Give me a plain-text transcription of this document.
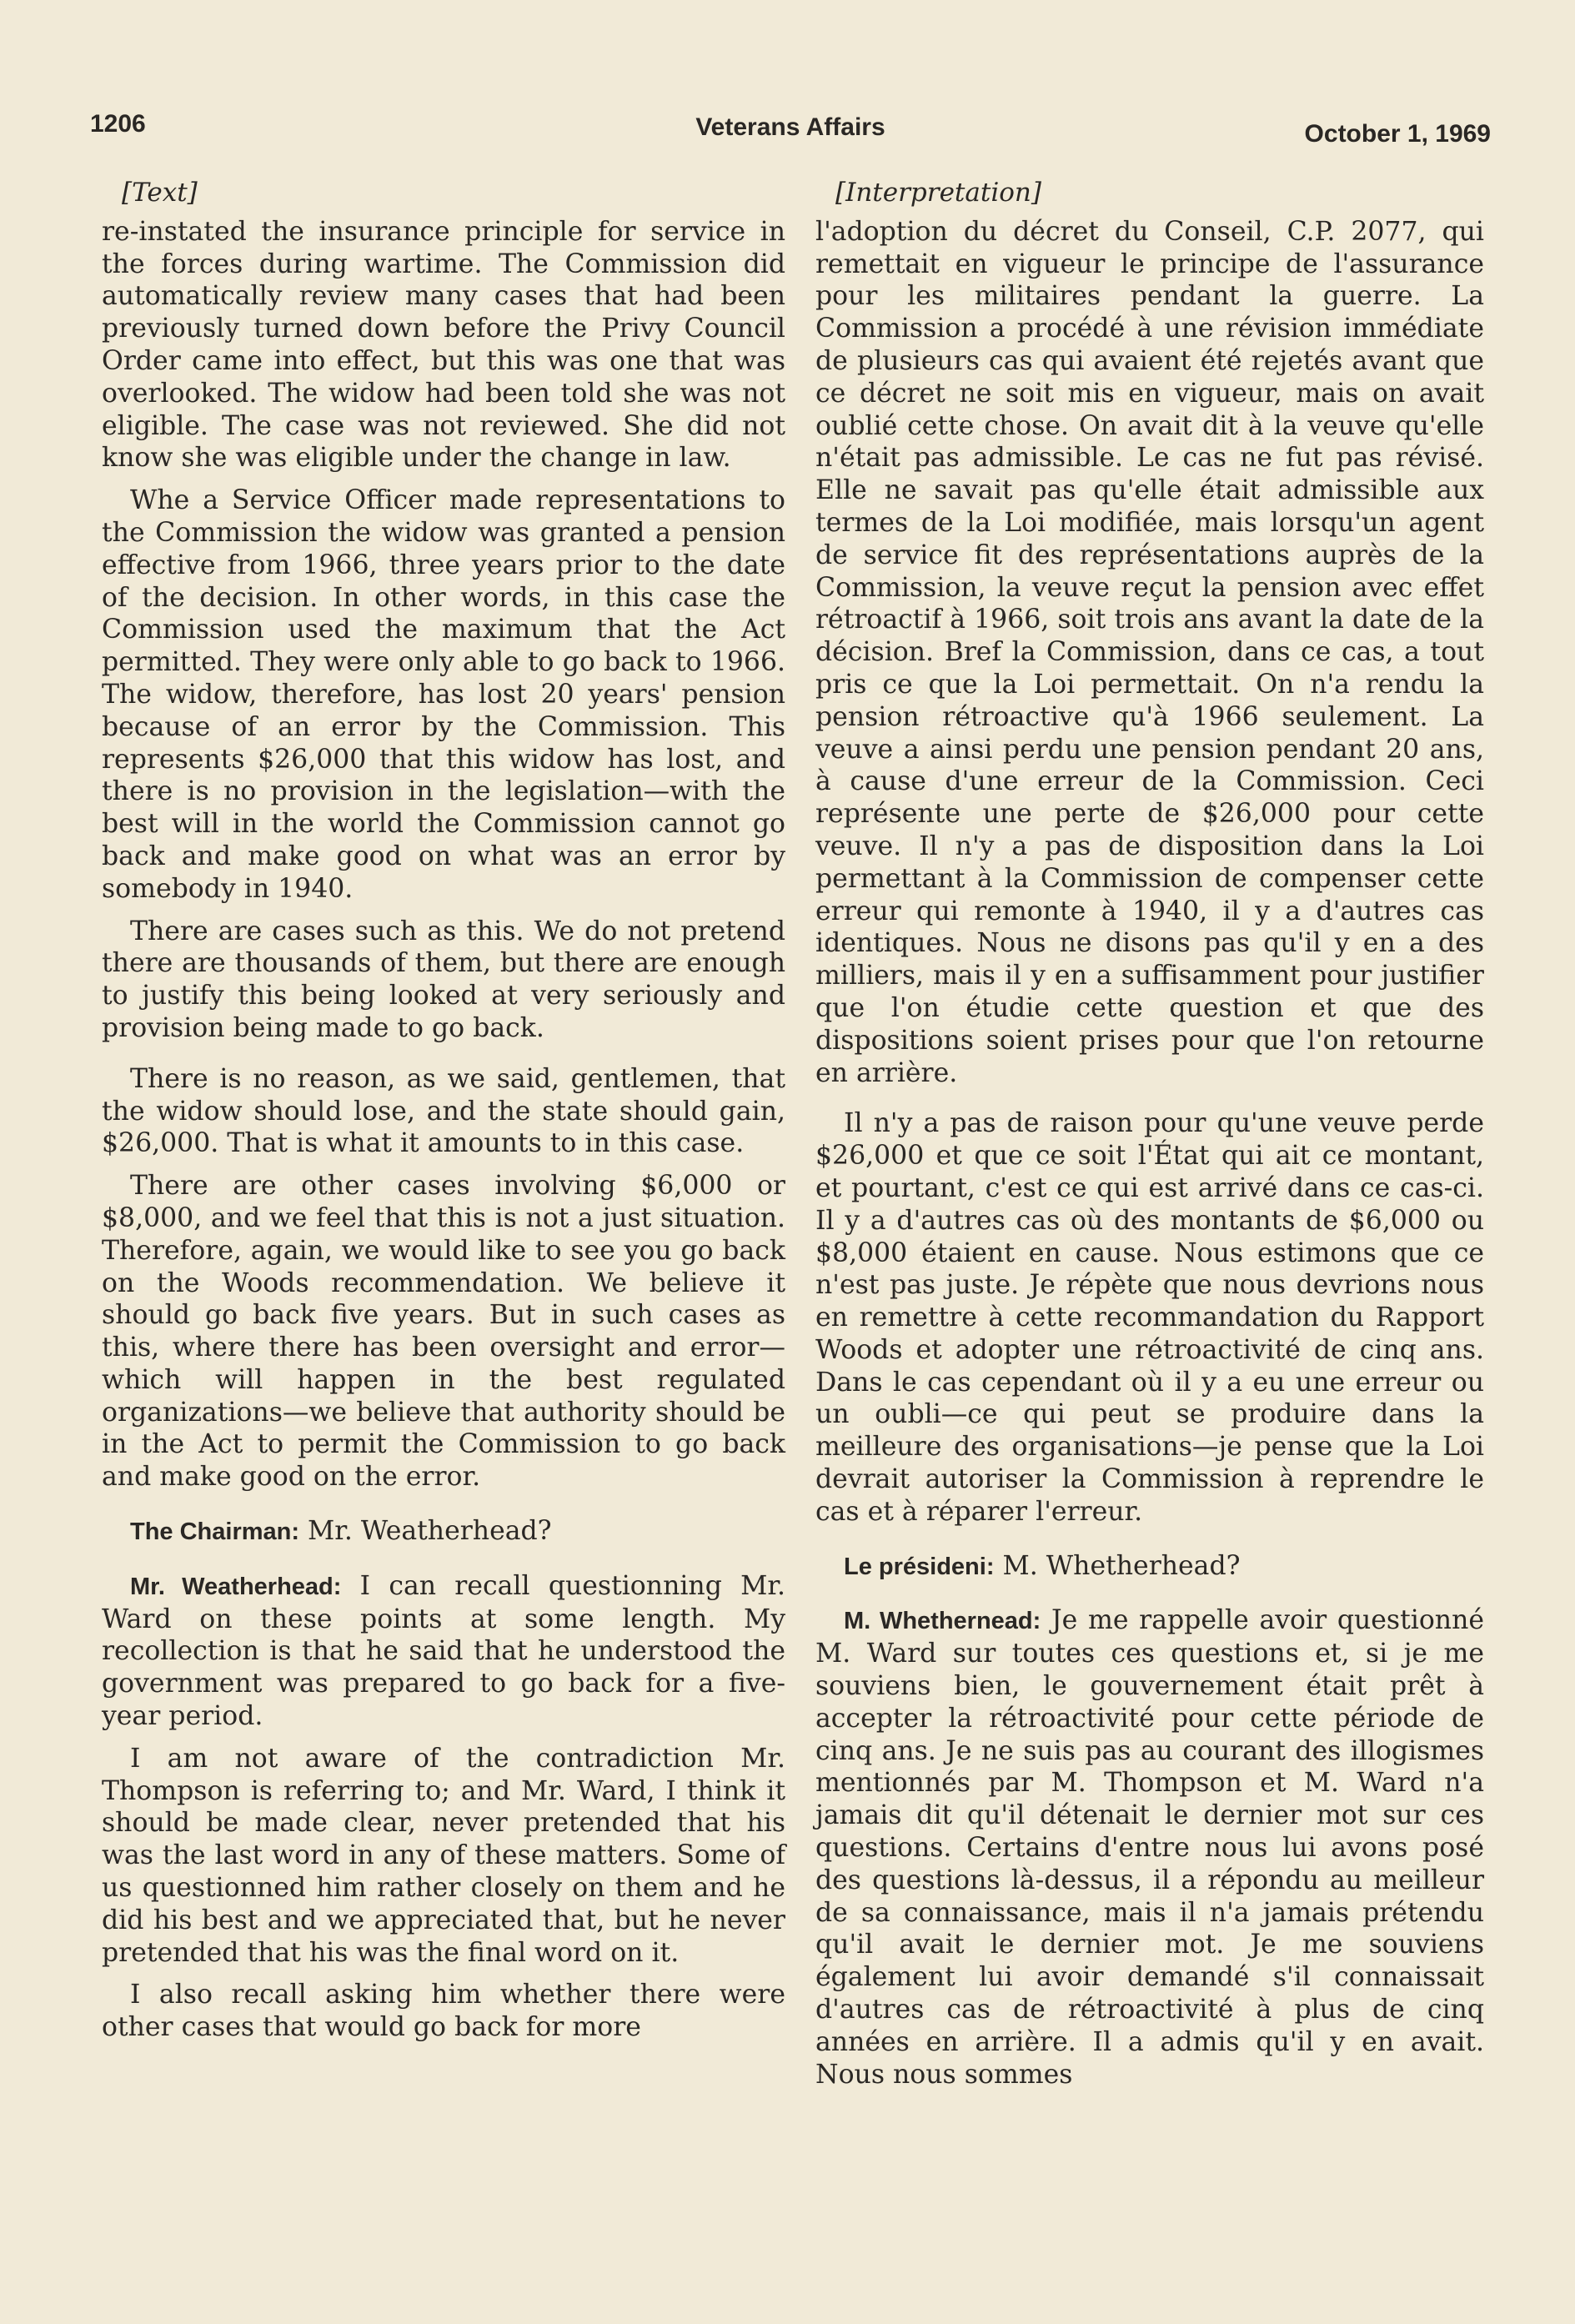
1206	Veterans Affairs	October 1, 1969
[Text]

re-instated the insurance principle for service in the forces during wartime. The Commission did automatically review many cases that had been previously turned down before the Privy Council Order came into effect, but this was one that was overlooked. The widow had been told she was not eligible. The case was not reviewed. She did not know she was eligible under the change in law.

Whe a Service Officer made representations to the Commission the widow was granted a pension effective from 1966, three years prior to the date of the decision. In other words, in this case the Commission used the maximum that the Act permitted. They were only able to go back to 1966. The widow, therefore, has lost 20 years' pension because of an error by the Commission. This represents $26,000 that this widow has lost, and there is no provision in the legislation—with the best will in the world the Commission cannot go back and make good on what was an error by somebody in 1940.

There are cases such as this. We do not pretend there are thousands of them, but there are enough to justify this being looked at very seriously and provision being made to go back.

There is no reason, as we said, gentlemen, that the widow should lose, and the state should gain, $26,000. That is what it amounts to in this case.

There are other cases involving $6,000 or $8,000, and we feel that this is not a just situation. Therefore, again, we would like to see you go back on the Woods recommendation. We believe it should go back five years. But in such cases as this, where there has been oversight and error—which will happen in the best regulated organizations—we believe that authority should be in the Act to permit the Commission to go back and make good on the error.

The Chairman: Mr. Weatherhead?

Mr. Weatherhead: I can recall questionning Mr. Ward on these points at some length. My recollection is that he said that he understood the government was prepared to go back for a five-year period.

I am not aware of the contradiction Mr. Thompson is referring to; and Mr. Ward, I think it should be made clear, never pretended that his was the last word in any of these matters. Some of us questionned him rather closely on them and he did his best and we appreciated that, but he never pretended that his was the final word on it.

I also recall asking him whether there were other cases that would go back for more

[Interpretation]

l'adoption du décret du Conseil, C.P. 2077, qui remettait en vigueur le principe de l'assurance pour les militaires pendant la guerre. La Commission a procédé à une révision immédiate de plusieurs cas qui avaient été rejetés avant que ce décret ne soit mis en vigueur, mais on avait oublié cette chose. On avait dit à la veuve qu'elle n'était pas admissible. Le cas ne fut pas révisé. Elle ne savait pas qu'elle était admissible aux termes de la Loi modifiée, mais lorsqu'un agent de service fit des représentations auprès de la Commission, la veuve reçut la pension avec effet rétroactif à 1966, soit trois ans avant la date de la décision. Bref la Commission, dans ce cas, a tout pris ce que la Loi permettait. On n'a rendu la pension rétroactive qu'à 1966 seulement. La veuve a ainsi perdu une pension pendant 20 ans, à cause d'une erreur de la Commission. Ceci représente une perte de $26,000 pour cette veuve. Il n'y a pas de disposition dans la Loi permettant à la Commission de compenser cette erreur qui remonte à 1940, il y a d'autres cas identiques. Nous ne disons pas qu'il y en a des milliers, mais il y en a suffisamment pour justifier que l'on étudie cette question et que des dispositions soient prises pour que l'on retourne en arrière.

Il n'y a pas de raison pour qu'une veuve perde $26,000 et que ce soit l'État qui ait ce montant, et pourtant, c'est ce qui est arrivé dans ce cas-ci. Il y a d'autres cas où des montants de $6,000 ou $8,000 étaient en cause. Nous estimons que ce n'est pas juste. Je répète que nous devrions nous en remettre à cette recommandation du Rapport Woods et adopter une rétroactivité de cinq ans. Dans le cas cependant où il y a eu une erreur ou un oubli—ce qui peut se produire dans la meilleure des organisations—je pense que la Loi devrait autoriser la Commission à reprendre le cas et à réparer l'erreur.

Le présideni: M. Whetherhead?

M. Whethernead: Je me rappelle avoir questionné M. Ward sur toutes ces questions et, si je me souviens bien, le gouvernement était prêt à accepter la rétroactivité pour cette période de cinq ans. Je ne suis pas au courant des illogismes mentionnés par M. Thompson et M. Ward n'a jamais dit qu'il détenait le dernier mot sur ces questions. Certains d'entre nous lui avons posé des questions là-dessus, il a répondu au meilleur de sa connaissance, mais il n'a jamais prétendu qu'il avait le dernier mot. Je me souviens également lui avoir demandé s'il connaissait d'autres cas de rétroactivité à plus de cinq années en arrière. Il a admis qu'il y en avait. Nous nous sommes
